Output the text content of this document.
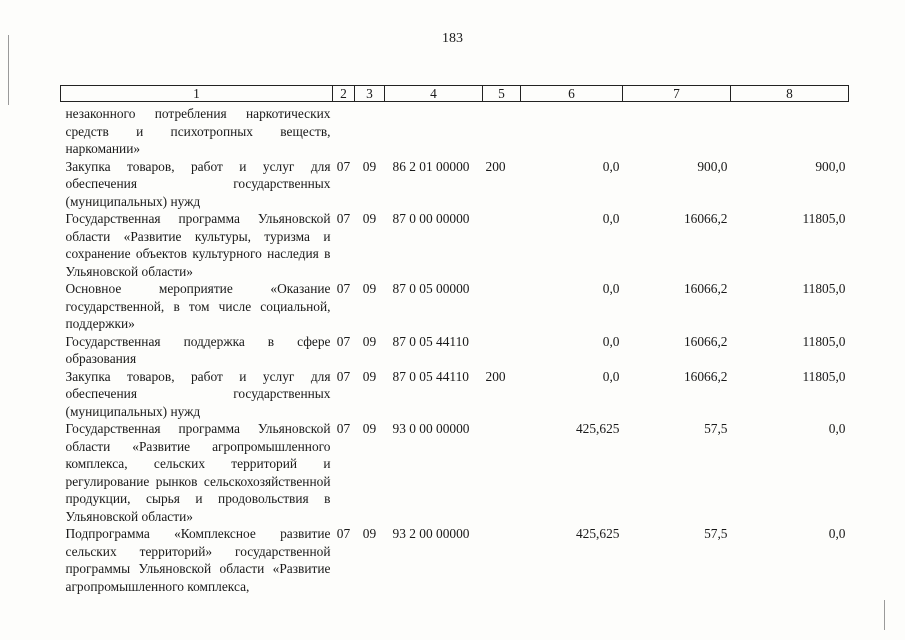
183
1	2	3	4	5	6	7	8
незаконного потребления наркотических средств и психотропных веществ, наркомании»							
Закупка товаров, работ и услуг для обеспечения государственных (муниципальных) нужд	07	09	86 2 01 00000	200	0,0	900,0	900,0
Государственная программа Ульяновской области «Развитие культуры, туризма и сохранение объектов культурного наследия в Ульяновской области»	07	09	87 0 00 00000		0,0	16066,2	11805,0
Основное мероприятие «Оказание государственной, в том числе социальной, поддержки»	07	09	87 0 05 00000		0,0	16066,2	11805,0
Государственная поддержка в сфере образования	07	09	87 0 05 44110		0,0	16066,2	11805,0
Закупка товаров, работ и услуг для обеспечения государственных (муниципальных) нужд	07	09	87 0 05 44110	200	0,0	16066,2	11805,0
Государственная программа Ульяновской области «Развитие агропромышленного комплекса, сельских территорий и регулирование рынков сельскохозяйственной продукции, сырья и продовольствия в Ульяновской области»	07	09	93 0 00 00000		425,625	57,5	0,0
Подпрограмма «Комплексное развитие сельских территорий» государственной программы Ульяновской области «Развитие агропромышленного комплекса,	07	09	93 2 00 00000		425,625	57,5	0,0
